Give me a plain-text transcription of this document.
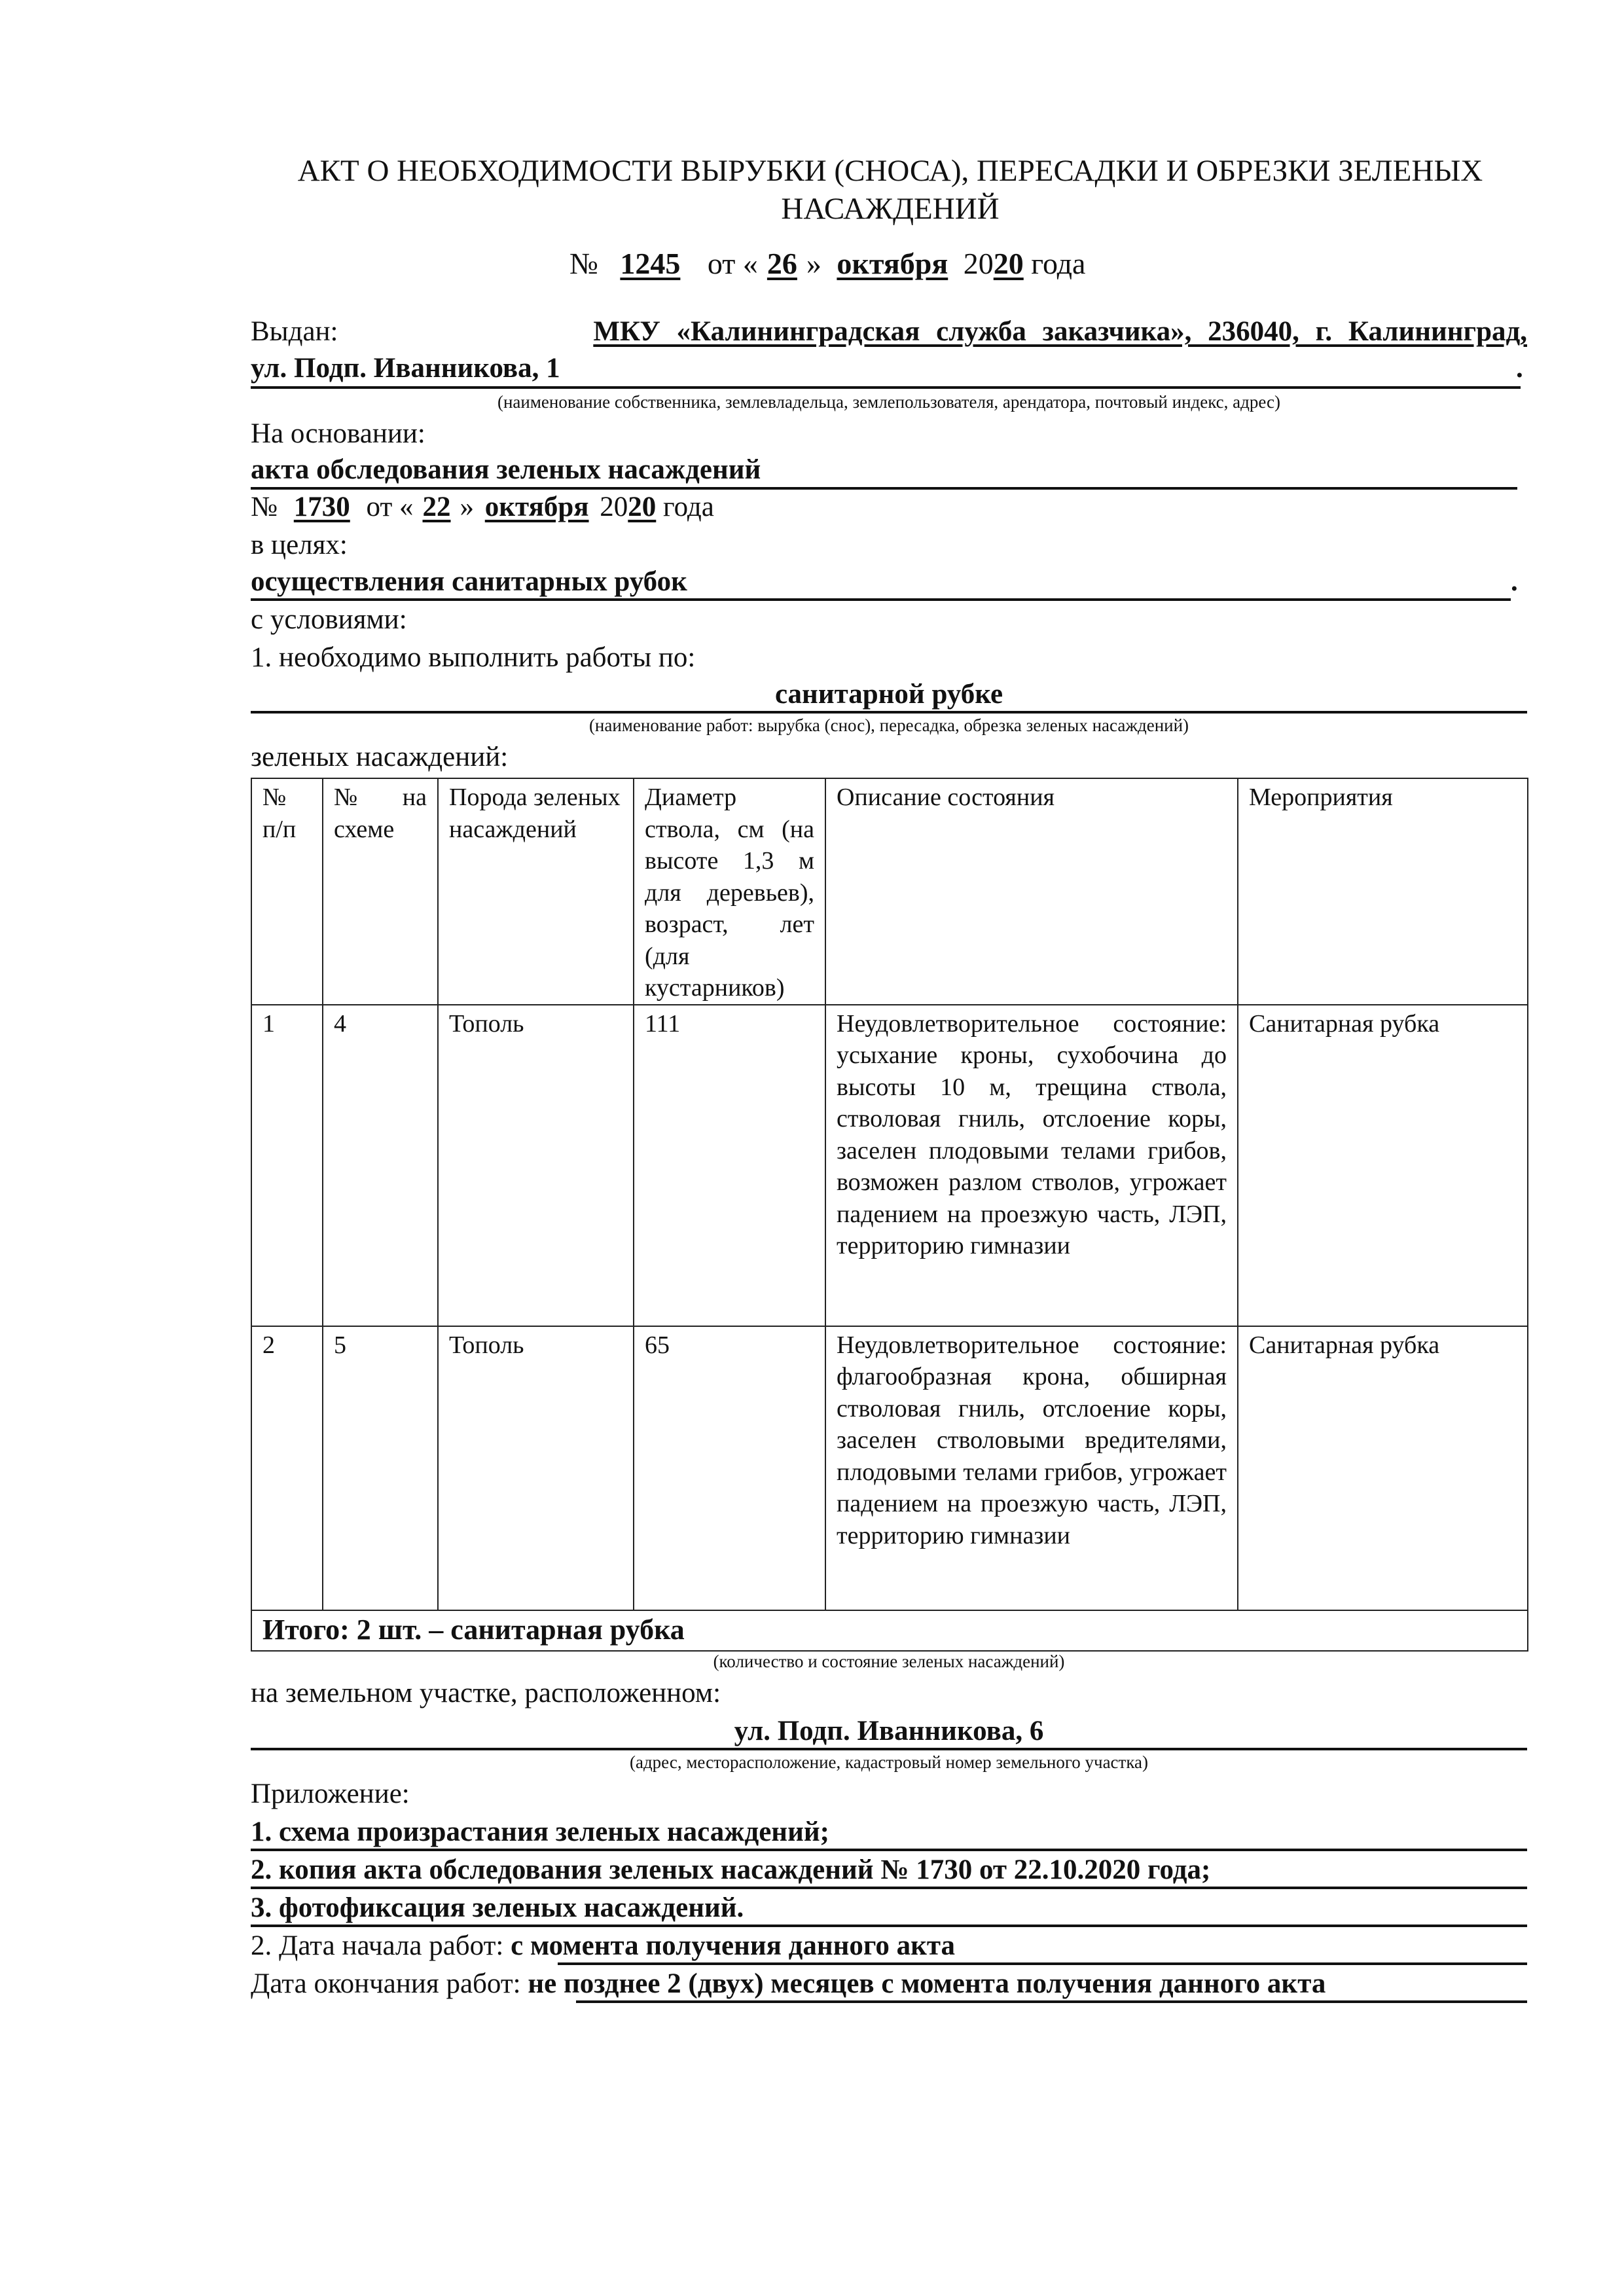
АКТ О НЕОБХОДИМОСТИ ВЫРУБКИ (СНОСА), ПЕРЕСАДКИ И ОБРЕЗКИ ЗЕЛЕНЫХ
НАСАЖДЕНИЙ
№ 1245 от « 26 » октября 2020 года
Выдан:	МКУ «Калининградская служба заказчика», 236040, г. Калининград,
ул. Подп. Иванникова, 1	.
(наименование собственника, землевладельца, землепользователя, арендатора, почтовый индекс, адрес)
На основании:
акта обследования зеленых насаждений
№ 1730 от « 22 » октября 2020 года
в целях:
осуществления санитарных рубок	.
с условиями:
1. необходимо выполнить работы по:
санитарной рубке
(наименование работ: вырубка (снос), пересадка, обрезка зеленых насаждений)
зеленых насаждений:
№ п/п	№ на схеме	Порода зеленых насаждений	Диаметр ствола, см (на высоте 1,3 м для деревьев), возраст, лет (для кустарников)	Описание состояния	Мероприятия
1	4	Тополь	111	Неудовлетворительное состояние: усыхание кроны, сухобочина до высоты 10 м, трещина ствола, стволовая гниль, отслоение коры, заселен плодовыми телами грибов, возможен разлом стволов, угрожает падением на проезжую часть, ЛЭП, территорию гимназии	Санитарная рубка
2	5	Тополь	65	Неудовлетворительное состояние: флагообразная крона, обширная стволовая гниль, отслоение коры, заселен стволовыми вредителями, плодовыми телами грибов, угрожает падением на проезжую часть, ЛЭП, территорию гимназии	Санитарная рубка
Итого: 2 шт. – санитарная рубка					
(количество и состояние зеленых насаждений)
на земельном участке, расположенном:
ул. Подп. Иванникова, 6
(адрес, месторасположение, кадастровый номер земельного участка)
Приложение:
1. схема произрастания зеленых насаждений;
2. копия акта обследования зеленых насаждений № 1730 от 22.10.2020 года;
3. фотофиксация зеленых насаждений.
2. Дата начала работ: с момента получения данного акта
Дата окончания работ: не позднее 2 (двух) месяцев с момента получения данного акта
